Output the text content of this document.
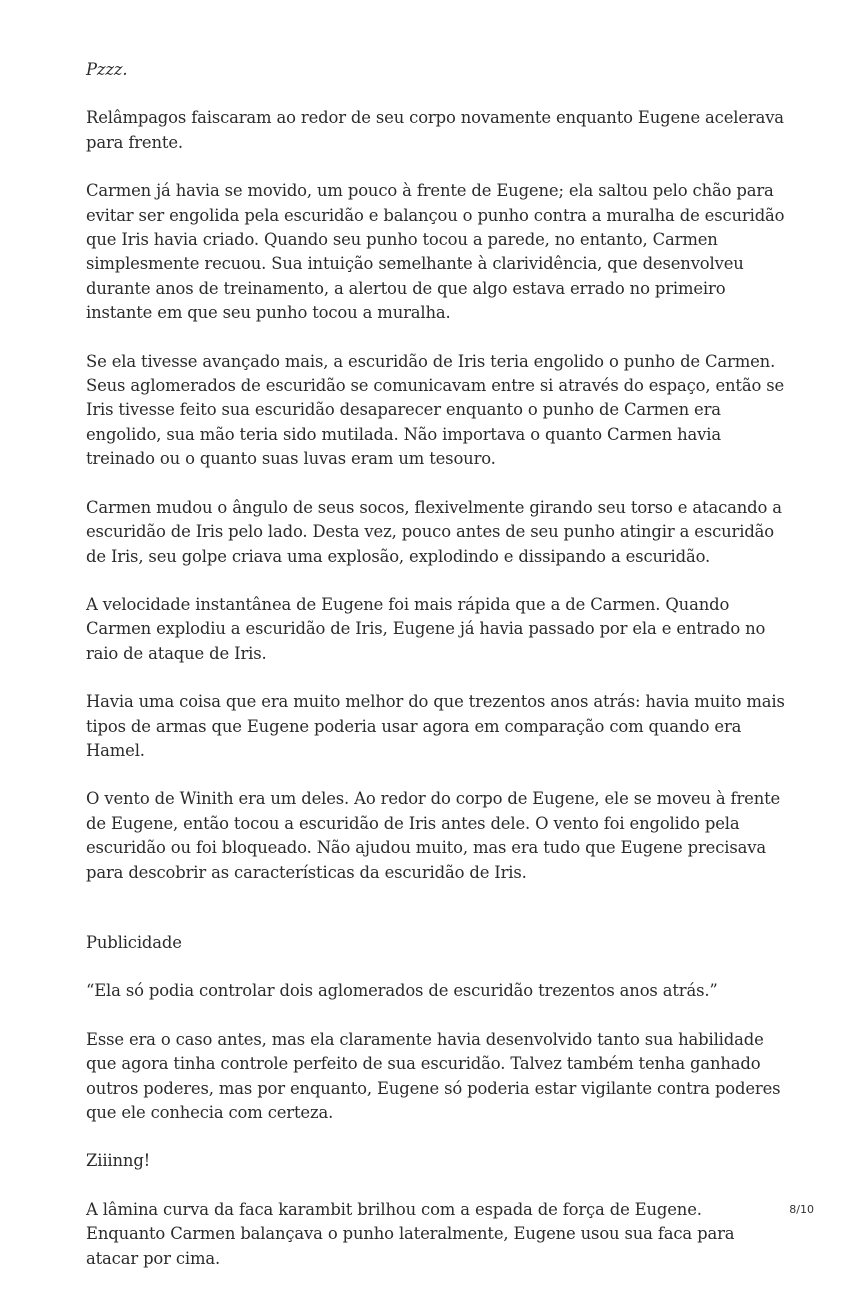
Pzzz.

Relâmpagos faiscaram ao redor de seu corpo novamente enquanto Eugene acelerava para frente.

Carmen já havia se movido, um pouco à frente de Eugene; ela saltou pelo chão para evitar ser engolida pela escuridão e balançou o punho contra a muralha de escuridão que Iris havia criado. Quando seu punho tocou a parede, no entanto, Carmen simplesmente recuou. Sua intuição semelhante à clarividência, que desenvolveu durante anos de treinamento, a alertou de que algo estava errado no primeiro instante em que seu punho tocou a muralha.

Se ela tivesse avançado mais, a escuridão de Iris teria engolido o punho de Carmen. Seus aglomerados de escuridão se comunicavam entre si através do espaço, então se Iris tivesse feito sua escuridão desaparecer enquanto o punho de Carmen era engolido, sua mão teria sido mutilada. Não importava o quanto Carmen havia treinado ou o quanto suas luvas eram um tesouro.

Carmen mudou o ângulo de seus socos, flexivelmente girando seu torso e atacando a escuridão de Iris pelo lado. Desta vez, pouco antes de seu punho atingir a escuridão de Iris, seu golpe criava uma explosão, explodindo e dissipando a escuridão.

A velocidade instantânea de Eugene foi mais rápida que a de Carmen. Quando Carmen explodiu a escuridão de Iris, Eugene já havia passado por ela e entrado no raio de ataque de Iris.

Havia uma coisa que era muito melhor do que trezentos anos atrás: havia muito mais tipos de armas que Eugene poderia usar agora em comparação com quando era Hamel.

O vento de Winith era um deles. Ao redor do corpo de Eugene, ele se moveu à frente de Eugene, então tocou a escuridão de Iris antes dele. O vento foi engolido pela escuridão ou foi bloqueado. Não ajudou muito, mas era tudo que Eugene precisava para descobrir as características da escuridão de Iris.

Publicidade

“Ela só podia controlar dois aglomerados de escuridão trezentos anos atrás.”

Esse era o caso antes, mas ela claramente havia desenvolvido tanto sua habilidade que agora tinha controle perfeito de sua escuridão. Talvez também tenha ganhado outros poderes, mas por enquanto, Eugene só poderia estar vigilante contra poderes que ele conhecia com certeza.

Ziiinng!

A lâmina curva da faca karambit brilhou com a espada de força de Eugene. Enquanto Carmen balançava o punho lateralmente, Eugene usou sua faca para atacar por cima.

8/10
